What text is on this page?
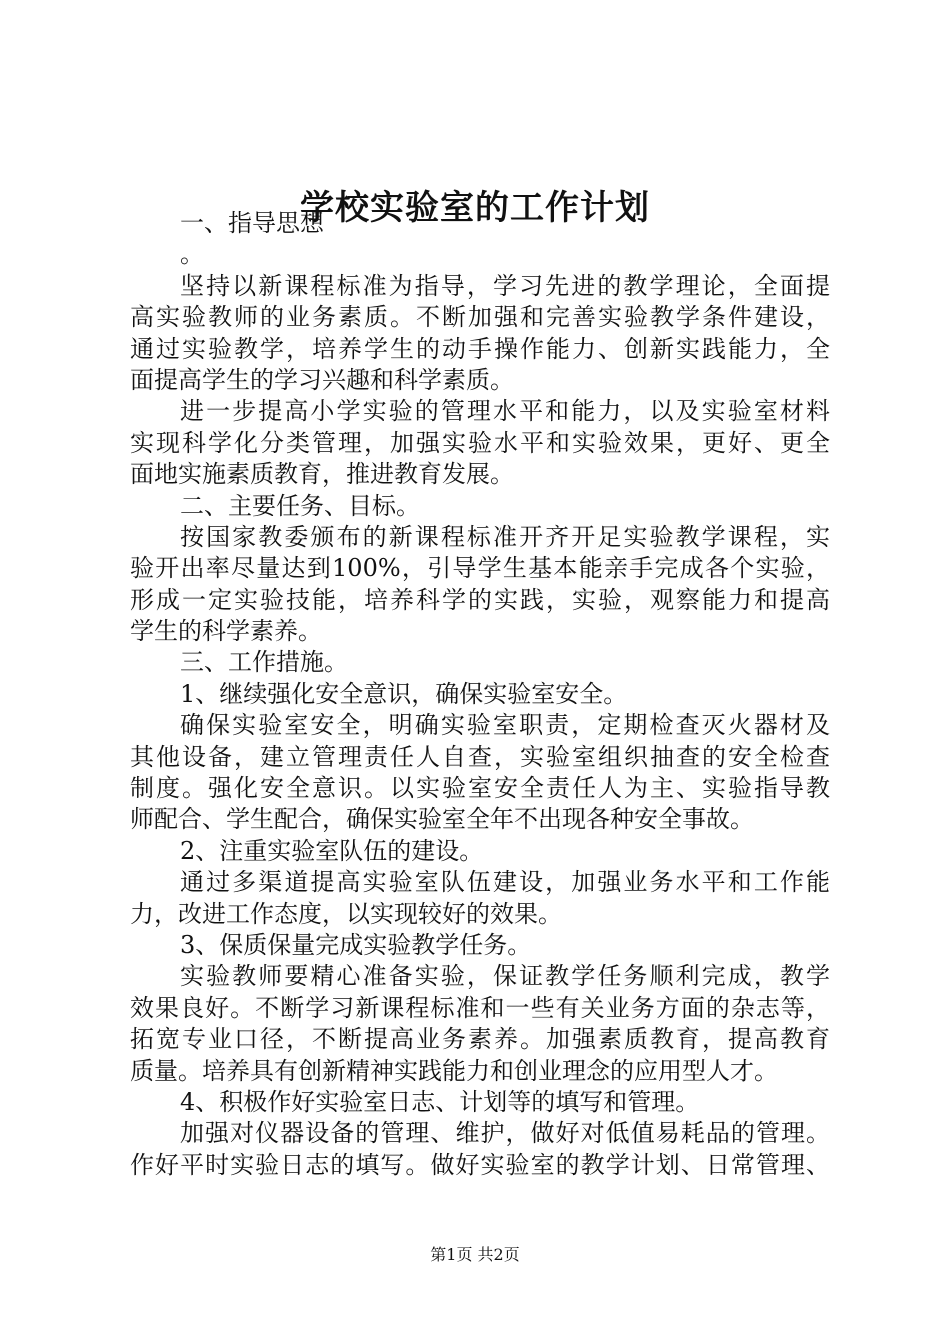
学校实验室的工作计划
一、指导思想
。
坚持以新课程标准为指导，学习先进的教学理论，全面提
高实验教师的业务素质。不断加强和完善实验教学条件建设，
通过实验教学，培养学生的动手操作能力、创新实践能力，全
面提高学生的学习兴趣和科学素质。
进一步提高小学实验的管理水平和能力，以及实验室材料
实现科学化分类管理，加强实验水平和实验效果，更好、更全
面地实施素质教育，推进教育发展。
二、主要任务、目标。
按国家教委颁布的新课程标准开齐开足实验教学课程，实
验开出率尽量达到100%，引导学生基本能亲手完成各个实验，
形成一定实验技能，培养科学的实践，实验，观察能力和提高
学生的科学素养。
三、工作措施。
1、继续强化安全意识，确保实验室安全。
确保实验室安全，明确实验室职责，定期检查灭火器材及
其他设备，建立管理责任人自查，实验室组织抽查的安全检查
制度。强化安全意识。以实验室安全责任人为主、实验指导教
师配合、学生配合，确保实验室全年不出现各种安全事故。
2、注重实验室队伍的建设。
通过多渠道提高实验室队伍建设，加强业务水平和工作能
力，改进工作态度，以实现较好的效果。
3、保质保量完成实验教学任务。
实验教师要精心准备实验，保证教学任务顺利完成，教学
效果良好。不断学习新课程标准和一些有关业务方面的杂志等，
拓宽专业口径，不断提高业务素养。加强素质教育，提高教育
质量。培养具有创新精神实践能力和创业理念的应用型人才。
4、积极作好实验室日志、计划等的填写和管理。
加强对仪器设备的管理、维护，做好对低值易耗品的管理。
作好平时实验日志的填写。做好实验室的教学计划、日常管理、
第1页 共2页
